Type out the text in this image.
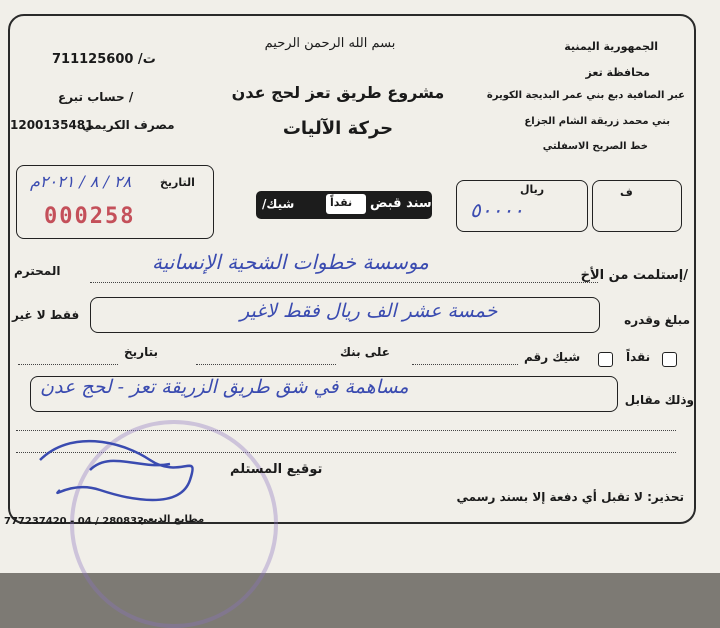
الجمهورية اليمنية
محافظة تعز
عبر الصافية دبع بني عمر البديجة الكويرة
بني محمد زريقة الشام الجزاع
خط الصريح الاسفلتي
بسم الله الرحمن الرحيم
مشروع طريق تعز لحج عدن
حركة الآليات
711125600 /ت
حساب تبرع /
مصرف الكريمي
1200135481
ف
ريال
٥٠٠٠٠
سند قبض
نقداً
/شيك
التاريخ
٢٨ / ٨ / ٢٠٢١م
000258
إستلمت من الأخ/
موسسة خطوات الشحية الإنسانية
المحترم
مبلغ وقدره
خمسة عشر الف ريال فقط لاغير
فقط لا غير
نقداً
شيك رقم
على بنك
بتاريخ
وذلك مقابل
مساهمة في شق طريق الزريقة تعز - لحج عدن
توقيع المستلم
تحذير: لا تقبل أي دفعة إلا بسند رسمي
مطابع الدبعي
777237420 - 04 / 280832
